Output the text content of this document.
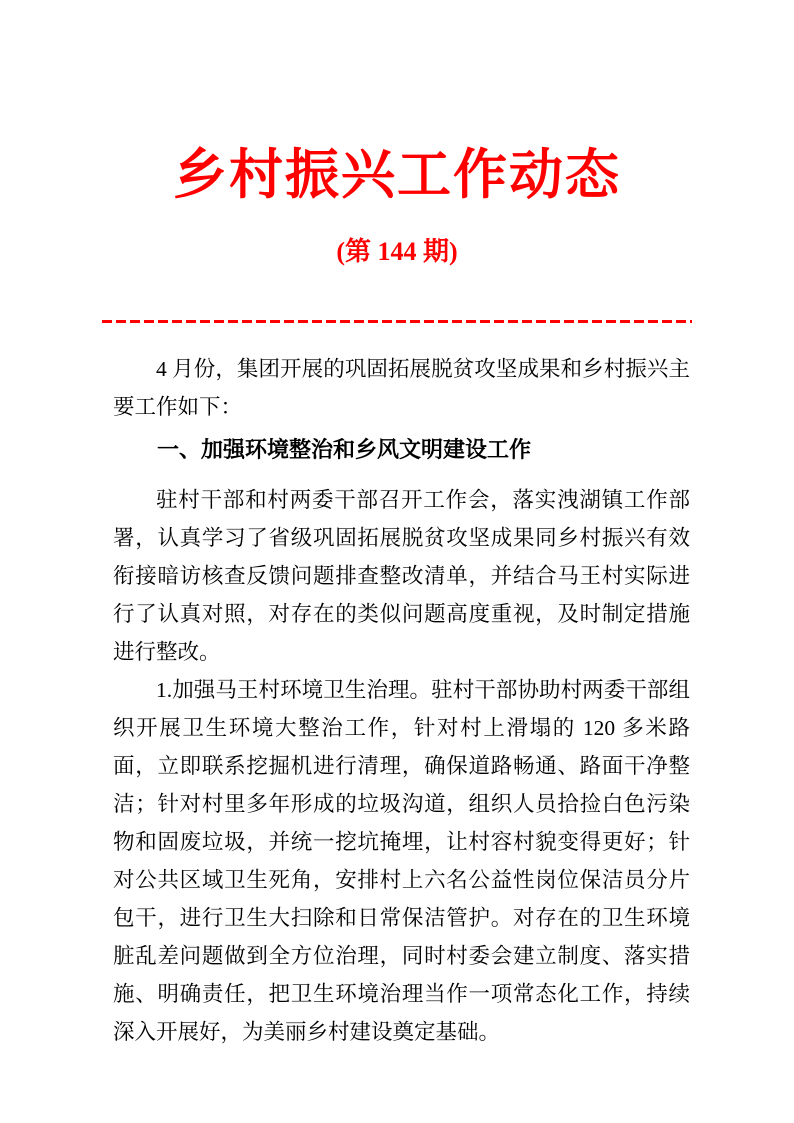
乡村振兴工作动态
(第 144 期)

4 月份，集团开展的巩固拓展脱贫攻坚成果和乡村振兴主要工作如下：

一、加强环境整治和乡风文明建设工作

驻村干部和村两委干部召开工作会，落实洩湖镇工作部署，认真学习了省级巩固拓展脱贫攻坚成果同乡村振兴有效衔接暗访核查反馈问题排查整改清单，并结合马王村实际进行了认真对照，对存在的类似问题高度重视，及时制定措施进行整改。

1.加强马王村环境卫生治理。驻村干部协助村两委干部组织开展卫生环境大整治工作，针对村上滑塌的 120 多米路面，立即联系挖掘机进行清理，确保道路畅通、路面干净整洁；针对村里多年形成的垃圾沟道，组织人员拾捡白色污染物和固废垃圾，并统一挖坑掩埋，让村容村貌变得更好；针对公共区域卫生死角，安排村上六名公益性岗位保洁员分片包干，进行卫生大扫除和日常保洁管护。对存在的卫生环境脏乱差问题做到全方位治理，同时村委会建立制度、落实措施、明确责任，把卫生环境治理当作一项常态化工作，持续深入开展好，为美丽乡村建设奠定基础。
